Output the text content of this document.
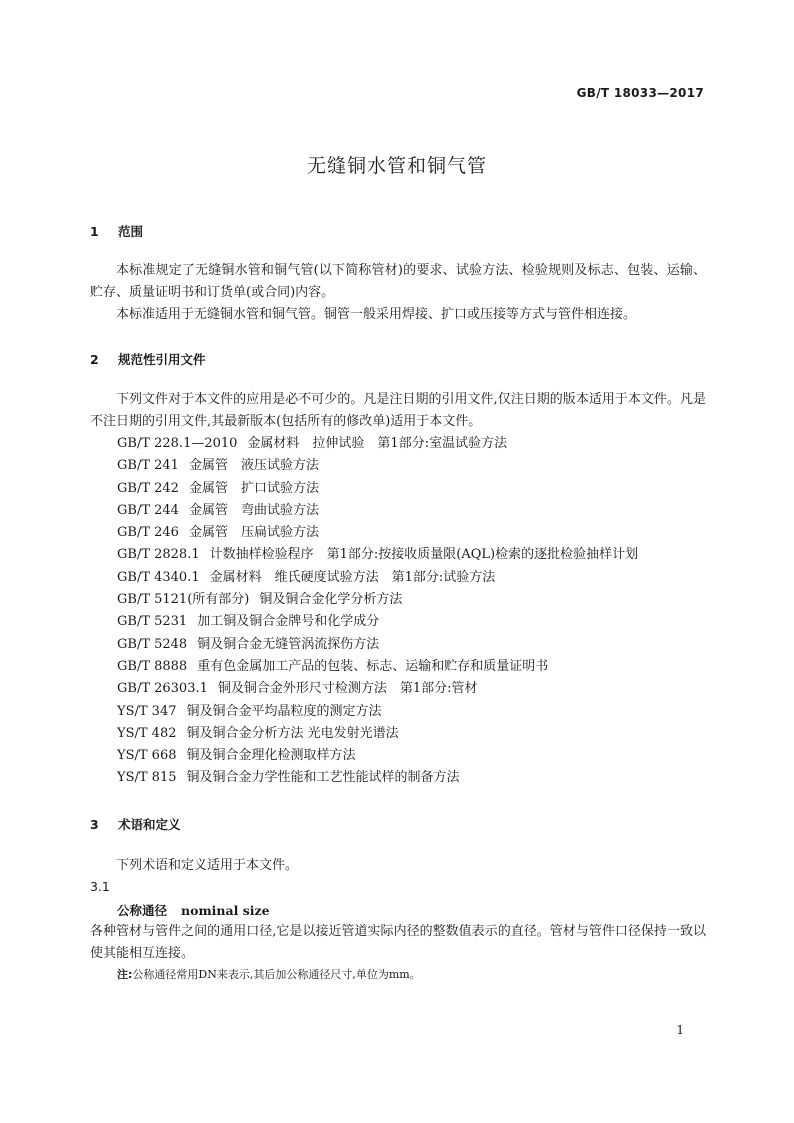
GB/T 18033—2017
无缝铜水管和铜气管
1 范围
本标准规定了无缝铜水管和铜气管(以下简称管材)的要求、试验方法、检验规则及标志、包装、运输、贮存、质量证明书和订货单(或合同)内容。
本标准适用于无缝铜水管和铜气管。铜管一般采用焊接、扩口或压接等方式与管件相连接。
2 规范性引用文件
下列文件对于本文件的应用是必不可少的。凡是注日期的引用文件,仅注日期的版本适用于本文件。凡是不注日期的引用文件,其最新版本(包括所有的修改单)适用于本文件。
GB/T 228.1—2010 金属材料　拉伸试验　第1部分:室温试验方法
GB/T 241 金属管　液压试验方法
GB/T 242 金属管　扩口试验方法
GB/T 244 金属管　弯曲试验方法
GB/T 246 金属管　压扁试验方法
GB/T 2828.1 计数抽样检验程序　第1部分:按接收质量限(AQL)检索的逐批检验抽样计划
GB/T 4340.1 金属材料　维氏硬度试验方法　第1部分:试验方法
GB/T 5121(所有部分) 铜及铜合金化学分析方法
GB/T 5231 加工铜及铜合金牌号和化学成分
GB/T 5248 铜及铜合金无缝管涡流探伤方法
GB/T 8888 重有色金属加工产品的包装、标志、运输和贮存和质量证明书
GB/T 26303.1 铜及铜合金外形尺寸检测方法　第1部分:管材
YS/T 347 铜及铜合金平均晶粒度的测定方法
YS/T 482 铜及铜合金分析方法 光电发射光谱法
YS/T 668 铜及铜合金理化检测取样方法
YS/T 815 铜及铜合金力学性能和工艺性能试样的制备方法
3 术语和定义
下列术语和定义适用于本文件。
3.1
公称通径 nominal size
各种管材与管件之间的通用口径,它是以接近管道实际内径的整数值表示的直径。管材与管件口径保持一致以使其能相互连接。
注:公称通径常用DN来表示,其后加公称通径尺寸,单位为mm。
1
